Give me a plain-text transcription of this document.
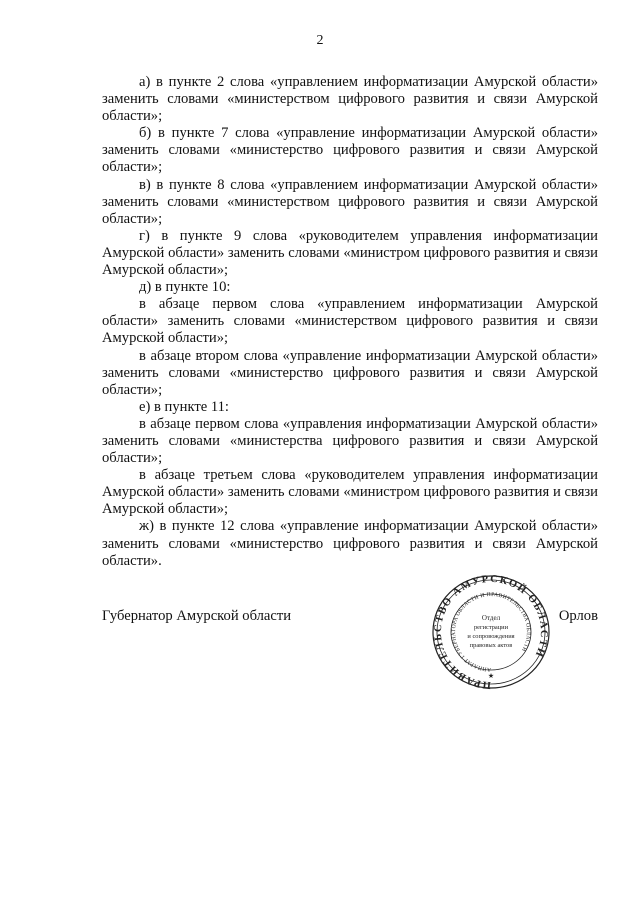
2

а) в пункте 2 слова «управлением информатизации Амурской области» заменить словами «министерством цифрового развития и связи Амурской области»;

б) в пункте 7 слова «управление информатизации Амурской области» заменить словами «министерство цифрового развития и связи Амурской области»;

в) в пункте 8 слова «управлением информатизации Амурской области» заменить словами «министерством цифрового развития и связи Амурской области»;

г) в пункте 9 слова «руководителем управления информатизации Амурской области» заменить словами «министром цифрового развития и связи Амурской области»;

д) в пункте 10:

в абзаце первом слова «управлением информатизации Амурской области» заменить словами «министерством цифрового развития и связи Амурской области»;

в абзаце втором слова «управление информатизации Амурской области» заменить словами «министерство цифрового развития и связи Амурской области»;

е) в пункте 11:

в абзаце первом слова «управления информатизации Амурской области» заменить словами «министерства цифрового развития и связи Амурской области»;

в абзаце третьем слова «руководителем управления информатизации Амурской области» заменить словами «министром цифрового развития и связи Амурской области»;

ж) в пункте 12 слова «управление информатизации Амурской области» заменить словами «министерство цифрового развития и связи Амурской области».

Губернатор Амурской области	Орлов
ПРАВИТЕЛЬСТВО АМУРСКОЙ ОБЛАСТИ
АППАРАТ ГУБЕРНАТОРА ОБЛАСТИ И ПРАВИТЕЛЬСТВА ОБЛАСТИ
Отдел
регистрации
и сопровождения
правовых актов
★
